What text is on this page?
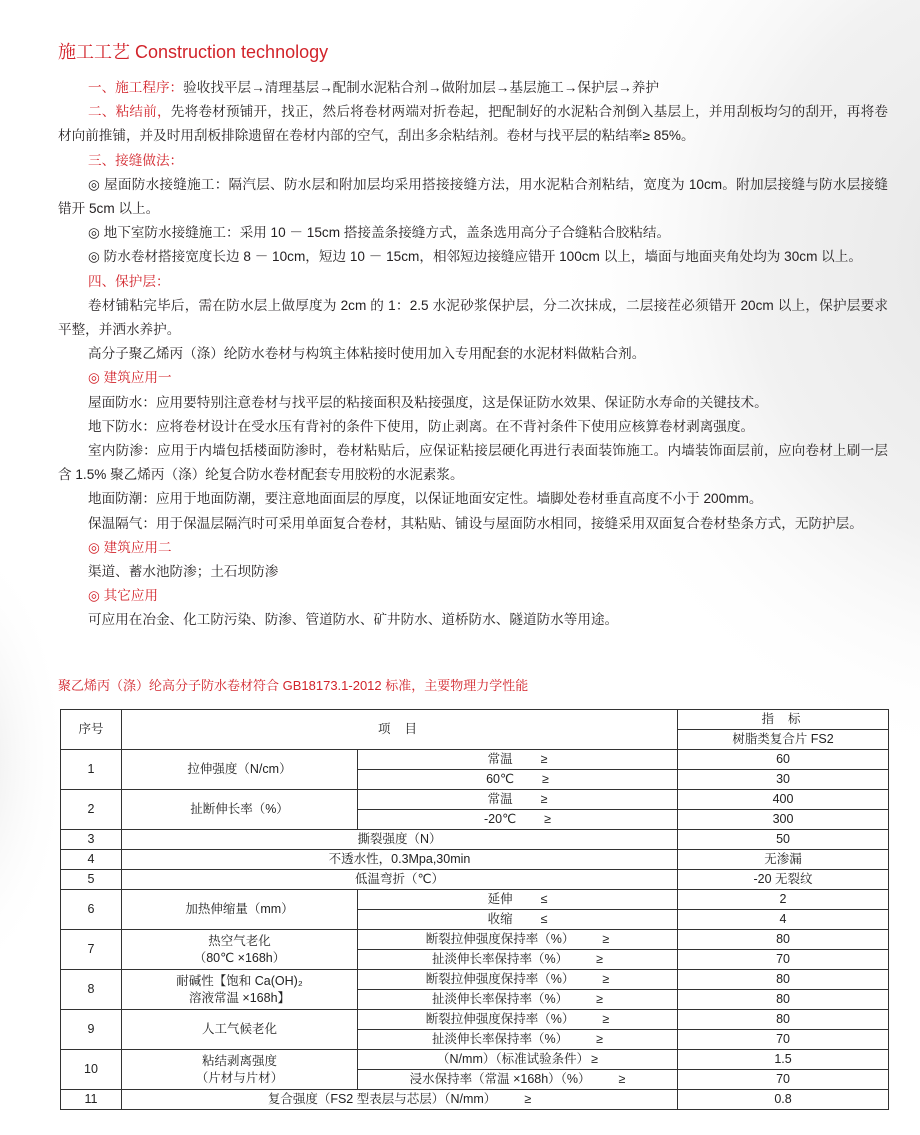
施工工艺 Construction technology

一、施工程序：验收找平层→清理基层→配制水泥粘合剂→做附加层→基层施工→保护层→养护

二、粘结前，先将卷材预铺开，找正，然后将卷材两端对折卷起，把配制好的水泥粘合剂倒入基层上，并用刮板均匀的刮开，再将卷材向前推铺，并及时用刮板排除遗留在卷材内部的空气，刮出多余粘结剂。卷材与找平层的粘结率≥ 85%。

三、接缝做法：

◎ 屋面防水接缝施工：隔汽层、防水层和附加层均采用搭接接缝方法，用水泥粘合剂粘结，宽度为 10cm。附加层接缝与防水层接缝错开 5cm 以上。

◎ 地下室防水接缝施工：采用 10 － 15cm 搭接盖条接缝方式，盖条选用高分子合缝粘合胶粘结。

◎ 防水卷材搭接宽度长边 8 － 10cm，短边 10 － 15cm，相邻短边接缝应错开 100cm 以上，墙面与地面夹角处均为 30cm 以上。

四、保护层：

卷材铺粘完毕后，需在防水层上做厚度为 2cm 的 1：2.5 水泥砂浆保护层，分二次抹成，二层接茬必须错开 20cm 以上，保护层要求平整，并洒水养护。

高分子聚乙烯丙（涤）纶防水卷材与构筑主体粘接时使用加入专用配套的水泥材料做粘合剂。

◎ 建筑应用一

屋面防水：应用要特别注意卷材与找平层的粘接面积及粘接强度，这是保证防水效果、保证防水寿命的关键技术。

地下防水：应将卷材设计在受水压有背衬的条件下使用，防止剥离。在不背衬条件下使用应核算卷材剥离强度。

室内防渗：应用于内墙包括楼面防渗时，卷材粘贴后，应保证粘接层硬化再进行表面装饰施工。内墙装饰面层前，应向卷材上刷一层含 1.5% 聚乙烯丙（涤）纶复合防水卷材配套专用胶粉的水泥素浆。

地面防潮：应用于地面防潮，要注意地面面层的厚度，以保证地面安定性。墙脚处卷材垂直高度不小于 200mm。

保温隔气：用于保温层隔汽时可采用单面复合卷材，其粘贴、铺设与屋面防水相同，接缝采用双面复合卷材垫条方式，无防护层。

◎ 建筑应用二

渠道、蓄水池防渗；土石坝防渗

◎ 其它应用

可应用在冶金、化工防污染、防渗、管道防水、矿井防水、道桥防水、隧道防水等用途。

聚乙烯丙（涤）纶高分子防水卷材符合 GB18173.1-2012 标准，主要物理力学性能
序号	项目		指标
			树脂类复合片 FS2
1	拉伸强度（N/cm）	常温 ≥	60
		60℃ ≥	30
2	扯断伸长率（%）	常温 ≥	400
		-20℃ ≥	300
3	撕裂强度（N）		50
4	不透水性，0.3Mpa,30min		无渗漏
5	低温弯折（℃）		-20 无裂纹
6	加热伸缩量（mm）	延伸 ≤	2
		收缩 ≤	4
7	热空气老化
（80℃ ×168h）	断裂拉伸强度保持率（%） ≥	80
		扯淡伸长率保持率（%） ≥	70
8	耐碱性【饱和 Ca(OH)₂
溶液常温 ×168h】	断裂拉伸强度保持率（%） ≥	80
		扯淡伸长率保持率（%） ≥	80
9	人工气候老化	断裂拉伸强度保持率（%） ≥	80
		扯淡伸长率保持率（%） ≥	70
10	粘结剥离强度
（片材与片材）	（N/mm）（标准试验条件） ≥	1.5
		浸水保持率（常温 ×168h）（%） ≥	70
11	复合强度（FS2 型表层与芯层）（N/mm） ≥		0.8
